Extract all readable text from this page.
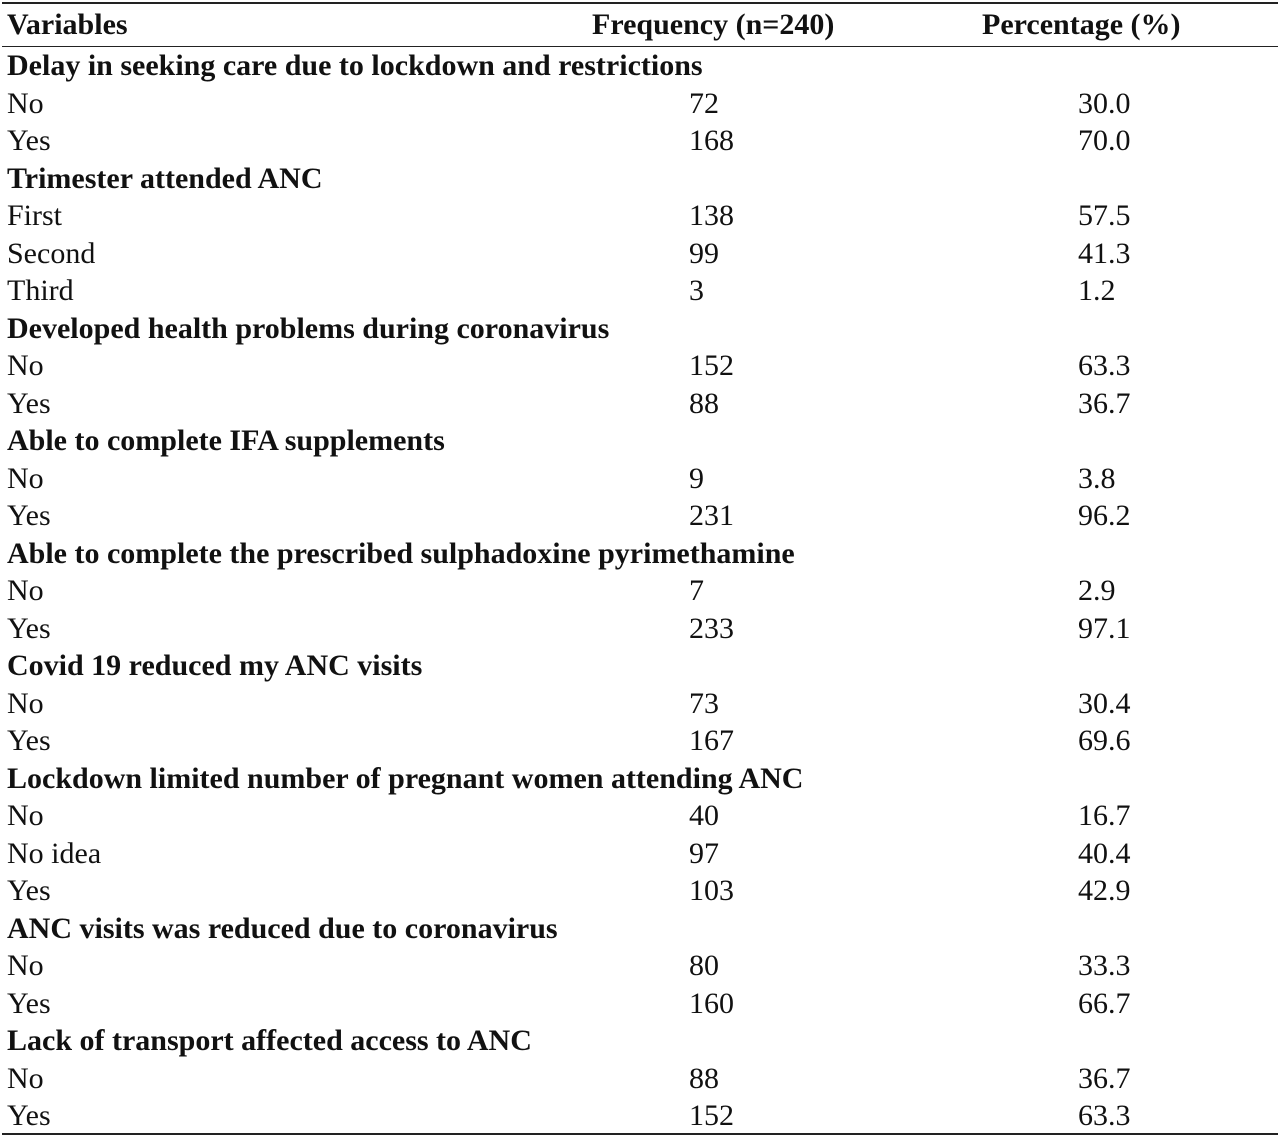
Variables	Frequency (n=240)	Percentage (%)
Delay in seeking care due to lockdown and restrictions
No	72	30.0
Yes	168	70.0
Trimester attended ANC
First	138	57.5
Second	99	41.3
Third	3	1.2
Developed health problems during coronavirus
No	152	63.3
Yes	88	36.7
Able to complete IFA supplements
No	9	3.8
Yes	231	96.2
Able to complete the prescribed sulphadoxine pyrimethamine
No	7	2.9
Yes	233	97.1
Covid 19 reduced my ANC visits
No	73	30.4
Yes	167	69.6
Lockdown limited number of pregnant women attending ANC
No	40	16.7
No idea	97	40.4
Yes	103	42.9
ANC visits was reduced due to coronavirus
No	80	33.3
Yes	160	66.7
Lack of transport affected access to ANC
No	88	36.7
Yes	152	63.3
